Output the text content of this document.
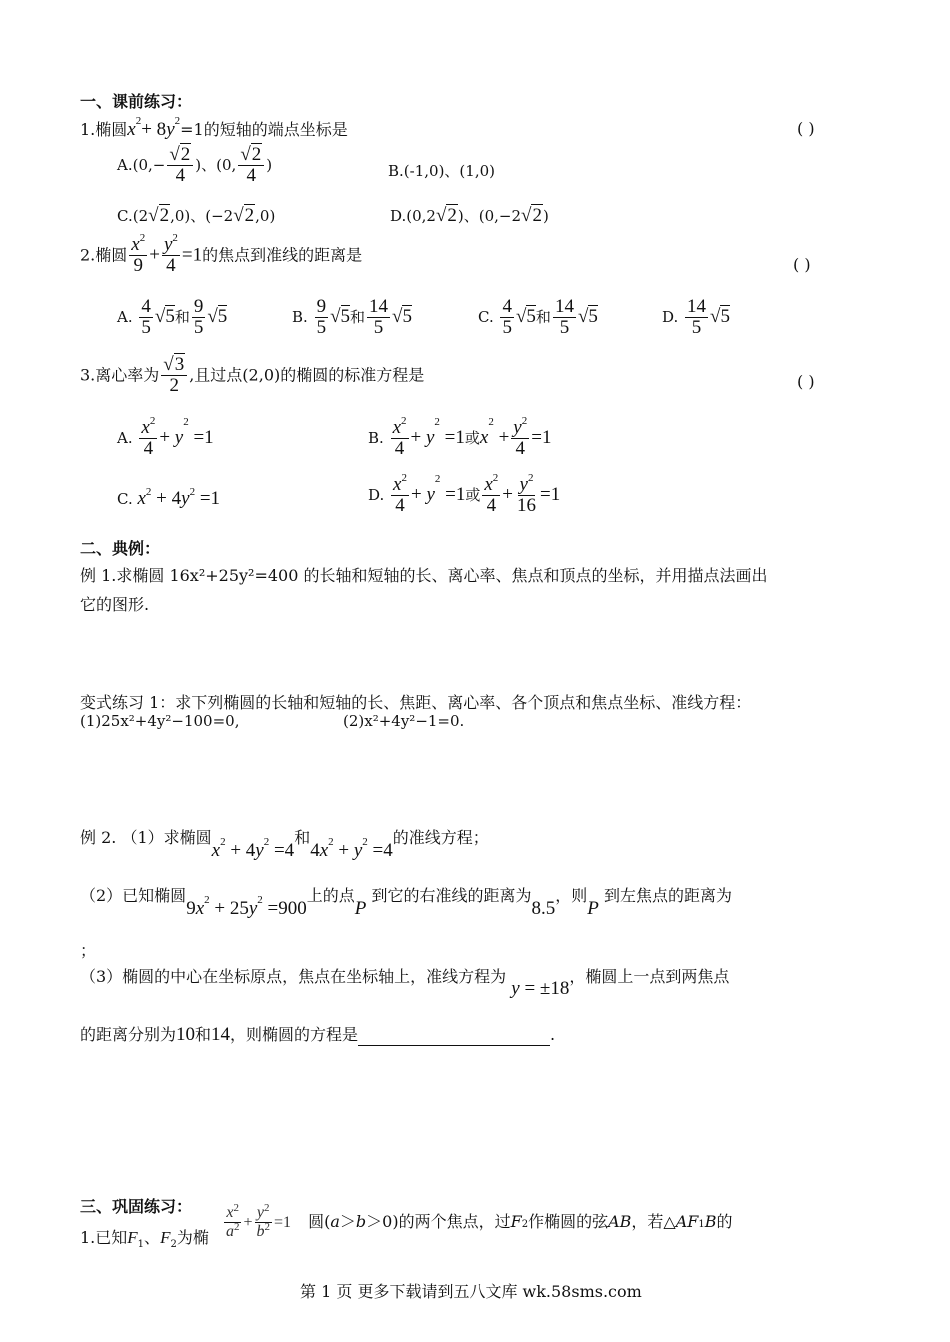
一、课前练习：
1.椭圆$x^2+ 8y^2=1$的短轴的端点坐标是	( )
$A.(0,- \frac{√2}{4}$ )、(0, $\frac{√2}{4}$ )	B.(-1,0)、(1,0)
C.(2√2,0)、(−2√2,0)	D.(0,2√2)、(0,−2√2)
2.椭圆 $\frac{x^2}{9} + \frac{y^2}{4} =1$的焦点到准线的距离是
( )
A. $\frac{4}{5} √5$和 $\frac{9}{5} √5$	B. $\frac{9}{5} √5$和 $\frac{14}{5} √5$	C. $\frac{4}{5} √5$和 $\frac{14}{5} √5$	D. $\frac{14}{5} √5$
3.离心率为 $\frac{√3}{2}$ ,且过点(2,0)的椭圆的标准方程是	( )
A. $\frac{x^2}{4} + y^2 =1$	B. $\frac{x^2}{4} + y^2 =1$或$x^2 + \frac{y^2}{4} =1$
C. $x^2 + 4y^2 =1$	D. $\frac{x^2}{4} + y^2 =1$或 $\frac{x^2}{4} + \frac{y^2}{16} =1$
二、典例：
例 1.求椭圆 16x²+25y²=400 的长轴和短轴的长、离心率、焦点和顶点的坐标，并用描点法画出
它的图形.
变式练习 1：求下列椭圆的长轴和短轴的长、焦距、离心率、各个顶点和焦点坐标、准线方程：
(1)25x²+4y²−100=0,	(2)x²+4y²−1=0.
例 2. （1）求椭圆$x^2 + 4y^2 =4$和$4x^2 + y^2 =4$的准线方程；
（2）已知椭圆$9x^2 + 25y^2 =900$上的点P 到它的右准线的距离为8.5，则P 到左焦点的距离为
；
（3）椭圆的中心在坐标原点，焦点在坐标轴上，准线方程为 y = ±18，椭圆上一点到两焦点
的距离分别为10和14，则椭圆的方程是	.
三、巩固练习：
1.已知$F_1$、$F_2$为椭 $\frac{x^2}{a^2} + \frac{y^2}{b^2} =1$ 圆(a＞b＞0)的两个焦点，过F2作椭圆的弦AB，若△AF1B的
第 1 页 更多下载请到五八文库 wk.58sms.com
